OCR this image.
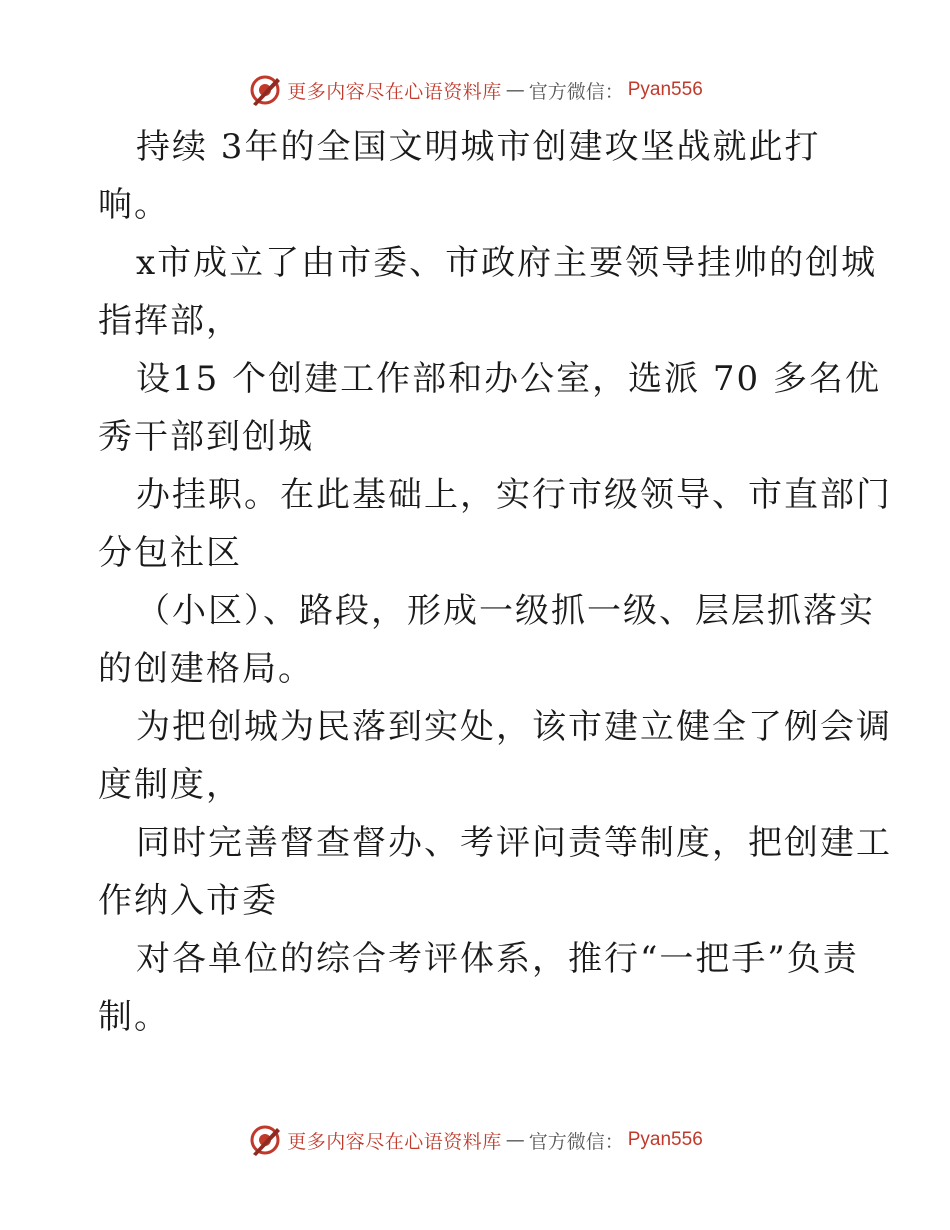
更多内容尽在心语资料库 — 官方微信： Pyan556
持续 3年的全国文明城市创建攻坚战就此打
响。
x市成立了由市委、市政府主要领导挂帅的创城
指挥部，
设15 个创建工作部和办公室，选派 70 多名优
秀干部到创城
办挂职。在此基础上，实行市级领导、市直部门
分包社区
（小区）、路段，形成一级抓一级、层层抓落实
的创建格局。
为把创城为民落到实处，该市建立健全了例会调
度制度，
同时完善督查督办、考评问责等制度，把创建工
作纳入市委
对各单位的综合考评体系，推行“一把手”负责
制。
更多内容尽在心语资料库 — 官方微信： Pyan556
